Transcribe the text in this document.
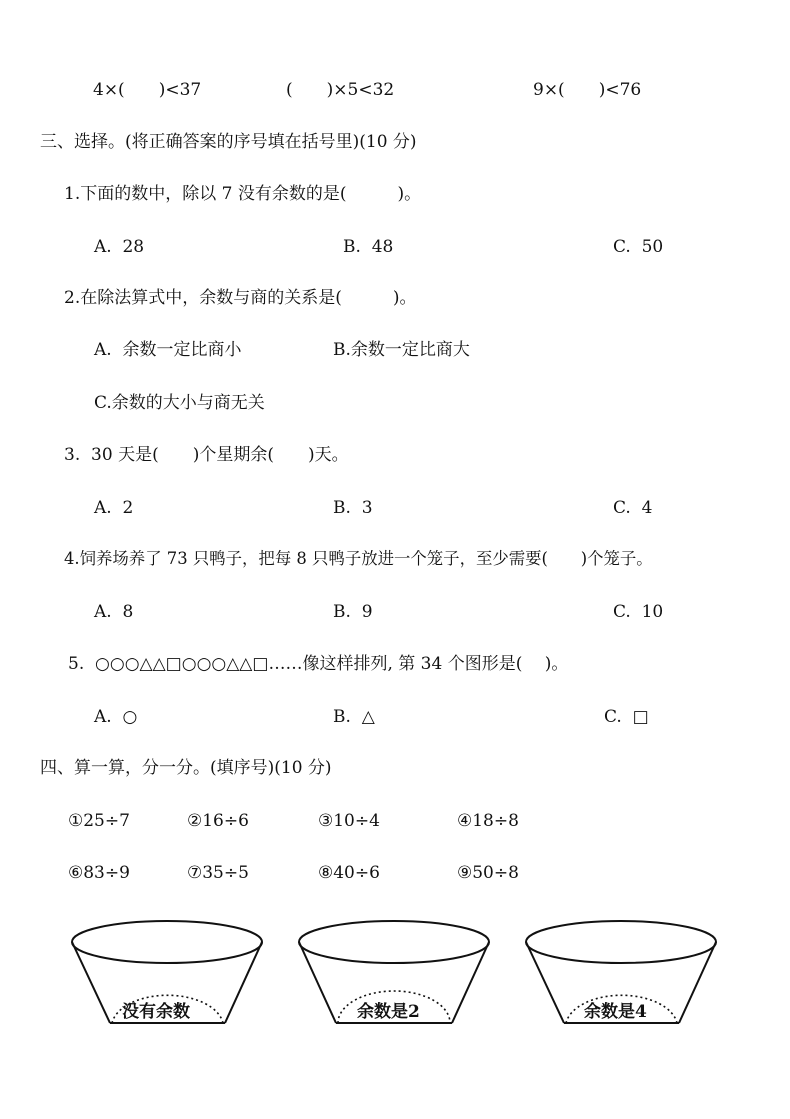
4×(　　)<37	(　　)×5<32	9×(　　)<76
三、选择。(将正确答案的序号填在括号里)(10 分)
1.下面的数中，除以 7 没有余数的是(　　　)。
A.  28	B.  48	C.  50
2.在除法算式中，余数与商的关系是(　　　)。
A.  余数一定比商小	B.余数一定比商大
C.余数的大小与商无关
3.  30 天是(　　)个星期余(　　)天。
A.  2	B.  3	C.  4
4.饲养场养了 73 只鸭子，把每 8 只鸭子放进一个笼子，至少需要(　　)个笼子。
A.  8	B.  9	C.  10
5.  ○○○△△□○○○△△□……像这样排列, 第 34 个图形是(　 )。
A.  ○	B.  △	C.  □
四、算一算，分一分。(填序号)(10 分)
①25÷7	②16÷6	③10÷4	④18÷8
⑥83÷9	⑦35÷5	⑧40÷6	⑨50÷8
没有余数	余数是2	余数是4
